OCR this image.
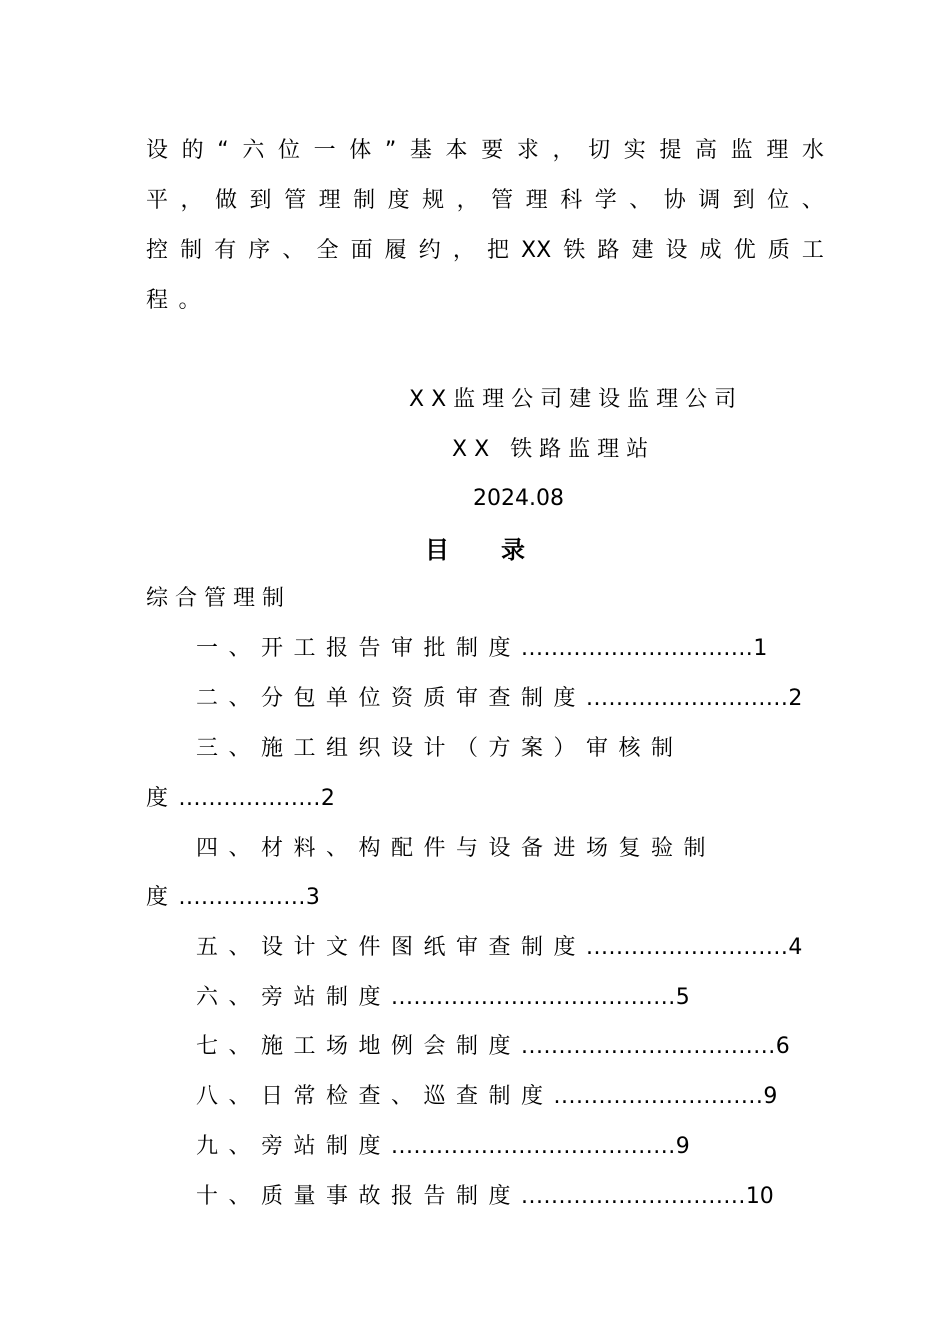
设 的 “ 六 位 一 体 ” 基 本 要 求 ， 切 实 提 高 监 理 水
平 ， 做 到 管 理 制 度 规 ， 管 理 科 学 、 协 调 到 位 、
控 制 有 序 、 全 面 履 约 ， 把 XX 铁 路 建 设 成 优 质 工
程。
XX监理公司建设监理公司
XX 铁路监理站
2024.08
目录
综合管理制
一、开工报告审批制度...............................1
二、分包单位资质审查制度...........................2
三、施工组织设计（方案）审核制
度...................2
四、材料、构配件与设备进场复验制
度.................3
五、设计文件图纸审查制度...........................4
六、旁站制度......................................5
七、施工场地例会制度..................................6
八、日常检查、巡查制度............................9
九、旁站制度......................................9
十、质量事故报告制度..............................10
